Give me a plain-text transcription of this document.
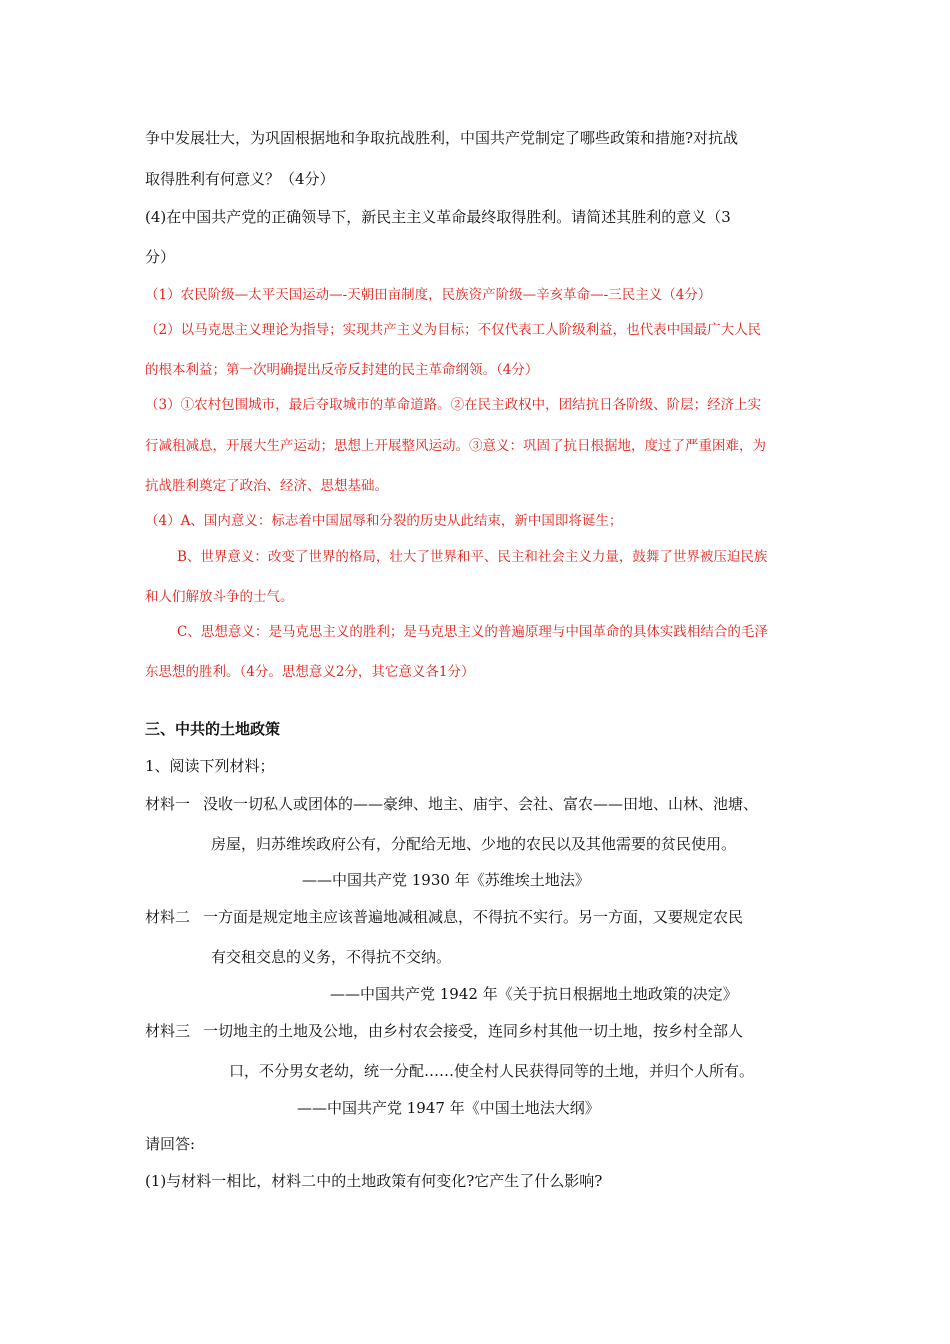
争中发展壮大，为巩固根据地和争取抗战胜利，中国共产党制定了哪些政策和措施?对抗战
取得胜利有何意义？（4分）
(4)在中国共产党的正确领导下，新民主主义革命最终取得胜利。请简述其胜利的意义（3
分）
（1）农民阶级—太平天国运动—-天朝田亩制度，民族资产阶级—辛亥革命—-三民主义（4分）
（2）以马克思主义理论为指导；实现共产主义为目标；不仅代表工人阶级利益，也代表中国最广大人民
的根本利益；第一次明确提出反帝反封建的民主革命纲领。（4分）
（3）①农村包围城市，最后夺取城市的革命道路。②在民主政权中，团结抗日各阶级、阶层；经济上实
行减租减息，开展大生产运动；思想上开展整风运动。③意义：巩固了抗日根据地，度过了严重困难，为
抗战胜利奠定了政治、经济、思想基础。
（4）A、国内意义：标志着中国屈辱和分裂的历史从此结束，新中国即将诞生；
B、世界意义：改变了世界的格局，壮大了世界和平、民主和社会主义力量，鼓舞了世界被压迫民族
和人们解放斗争的士气。
C、思想意义：是马克思主义的胜利；是马克思主义的普遍原理与中国革命的具体实践相结合的毛泽
东思想的胜利。（4分。思想意义2分，其它意义各1分）
三、中共的土地政策
1、阅读下列材料；
材料一 没收一切私人或团体的——豪绅、地主、庙宇、会社、富农——田地、山林、池塘、
房屋，归苏维埃政府公有，分配给无地、少地的农民以及其他需要的贫民使用。
——中国共产党 1930 年《苏维埃土地法》
材料二 一方面是规定地主应该普遍地减租减息，不得抗不实行。另一方面，又要规定农民
有交租交息的义务，不得抗不交纳。
——中国共产党 1942 年《关于抗日根据地土地政策的决定》
材料三 一切地主的土地及公地，由乡村农会接受，连同乡村其他一切土地，按乡村全部人
口，不分男女老幼，统一分配……使全村人民获得同等的土地，并归个人所有。
——中国共产党 1947 年《中国土地法大纲》
请回答:
(1)与材料一相比，材料二中的土地政策有何变化?它产生了什么影响?
